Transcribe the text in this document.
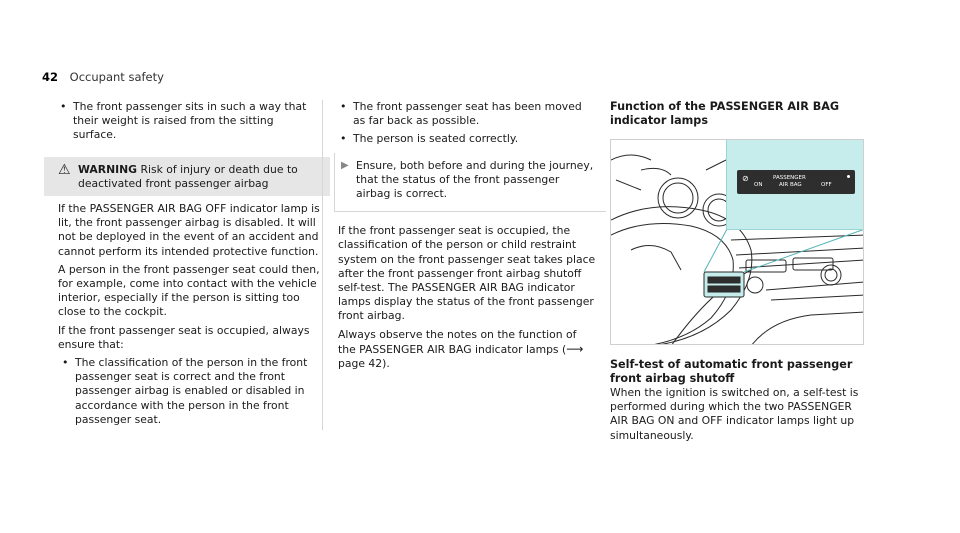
42 Occupant safety
• The front passenger sits in such a way that their weight is raised from the sitting surface.
⚠ WARNING Risk of injury or death due to deactivated front passenger airbag

If the PASSENGER AIR BAG OFF indicator lamp is lit, the front passenger airbag is disabled. It will not be deployed in the event of an accident and cannot perform its intended protective function.

A person in the front passenger seat could then, for example, come into contact with the vehicle interior, especially if the person is sitting too close to the cockpit.

If the front passenger seat is occupied, always ensure that:

• The classification of the person in the front passenger seat is correct and the front passenger airbag is enabled or disabled in accordance with the person in the front passenger seat.
• The front passenger seat has been moved as far back as possible.
• The person is seated correctly.
▶ Ensure, both before and during the journey, that the status of the front passenger airbag is correct.

If the front passenger seat is occupied, the classification of the person or child restraint system on the front passenger seat takes place after the front passenger front airbag shutoff self-test. The PASSENGER AIR BAG indicator lamps display the status of the front passenger front airbag.

Always observe the notes on the function of the PASSENGER AIR BAG indicator lamps (⟶ page 42).

Function of the PASSENGER AIR BAG indicator lamps
⊘
ON
PASSENGER
AIR BAG	OFF
Self-test of automatic front passenger front airbag shutoff
When the ignition is switched on, a self-test is performed during which the two PASSENGER AIR BAG ON and OFF indicator lamps light up simultaneously.
